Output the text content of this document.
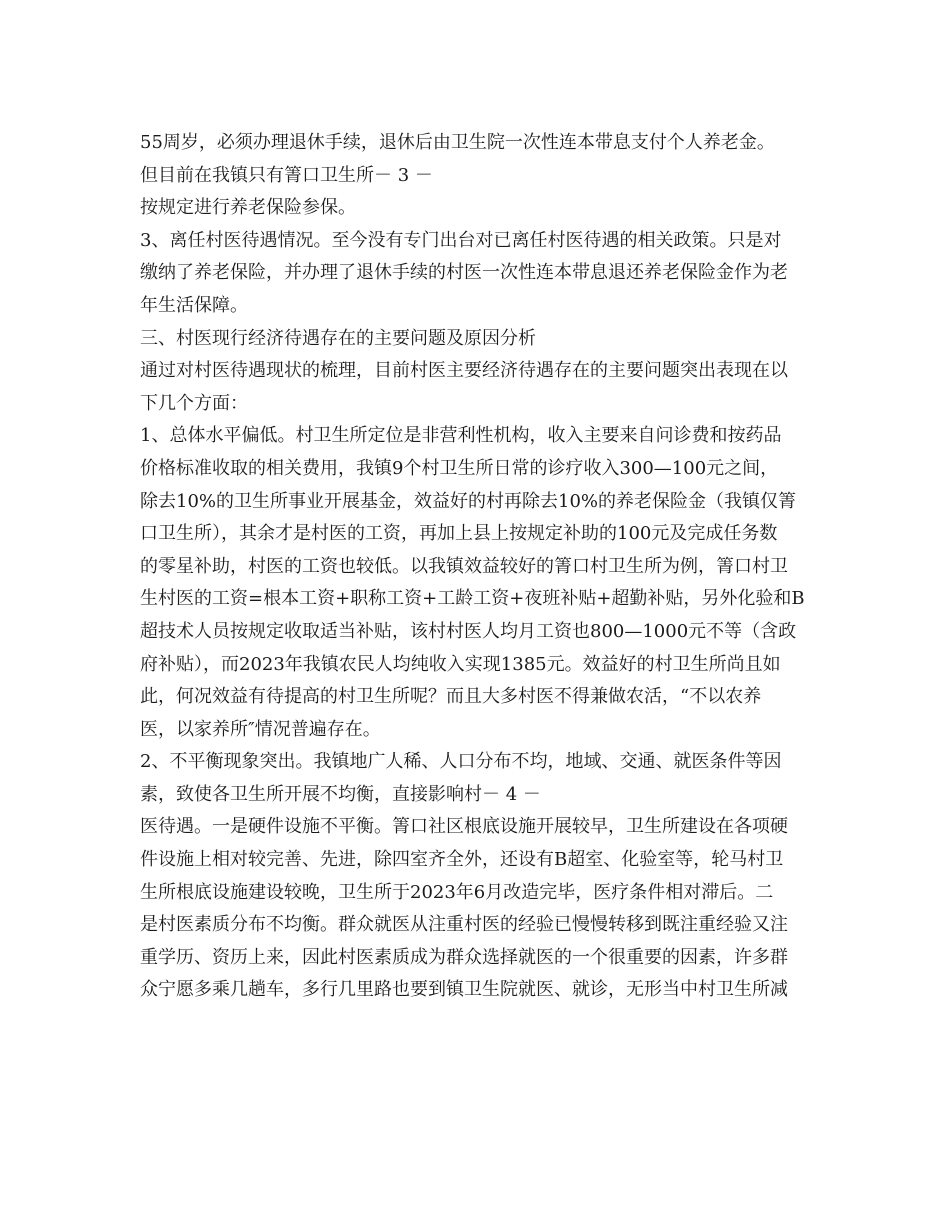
55周岁，必须办理退休手续，退休后由卫生院一次性连本带息支付个人养老金。
但目前在我镇只有箐口卫生所－ 3 －
按规定进行养老保险参保。
3、离任村医待遇情况。至今没有专门出台对已离任村医待遇的相关政策。只是对
缴纳了养老保险，并办理了退休手续的村医一次性连本带息退还养老保险金作为老
年生活保障。
三、村医现行经济待遇存在的主要问题及原因分析
通过对村医待遇现状的梳理，目前村医主要经济待遇存在的主要问题突出表现在以
下几个方面：
1、总体水平偏低。村卫生所定位是非营利性机构，收入主要来自问诊费和按药品
价格标准收取的相关费用，我镇9个村卫生所日常的诊疗收入300—100元之间，
除去10%的卫生所事业开展基金，效益好的村再除去10%的养老保险金（我镇仅箐
口卫生所），其余才是村医的工资，再加上县上按规定补助的100元及完成任务数
的零星补助，村医的工资也较低。以我镇效益较好的箐口村卫生所为例，箐口村卫
生村医的工资=根本工资+职称工资+工龄工资+夜班补贴+超勤补贴，另外化验和B
超技术人员按规定收取适当补贴，该村村医人均月工资也800—1000元不等（含政
府补贴），而2023年我镇农民人均纯收入实现1385元。效益好的村卫生所尚且如
此，何况效益有待提高的村卫生所呢？而且大多村医不得兼做农活，“不以农养
医，以家养所″情况普遍存在。
2、不平衡现象突出。我镇地广人稀、人口分布不均，地域、交通、就医条件等因
素，致使各卫生所开展不均衡，直接影响村－ 4 －
医待遇。一是硬件设施不平衡。箐口社区根底设施开展较早，卫生所建设在各项硬
件设施上相对较完善、先进，除四室齐全外，还设有B超室、化验室等，轮马村卫
生所根底设施建设较晚，卫生所于2023年6月改造完毕，医疗条件相对滞后。二
是村医素质分布不均衡。群众就医从注重村医的经验已慢慢转移到既注重经验又注
重学历、资历上来，因此村医素质成为群众选择就医的一个很重要的因素，许多群
众宁愿多乘几趟车，多行几里路也要到镇卫生院就医、就诊，无形当中村卫生所减
